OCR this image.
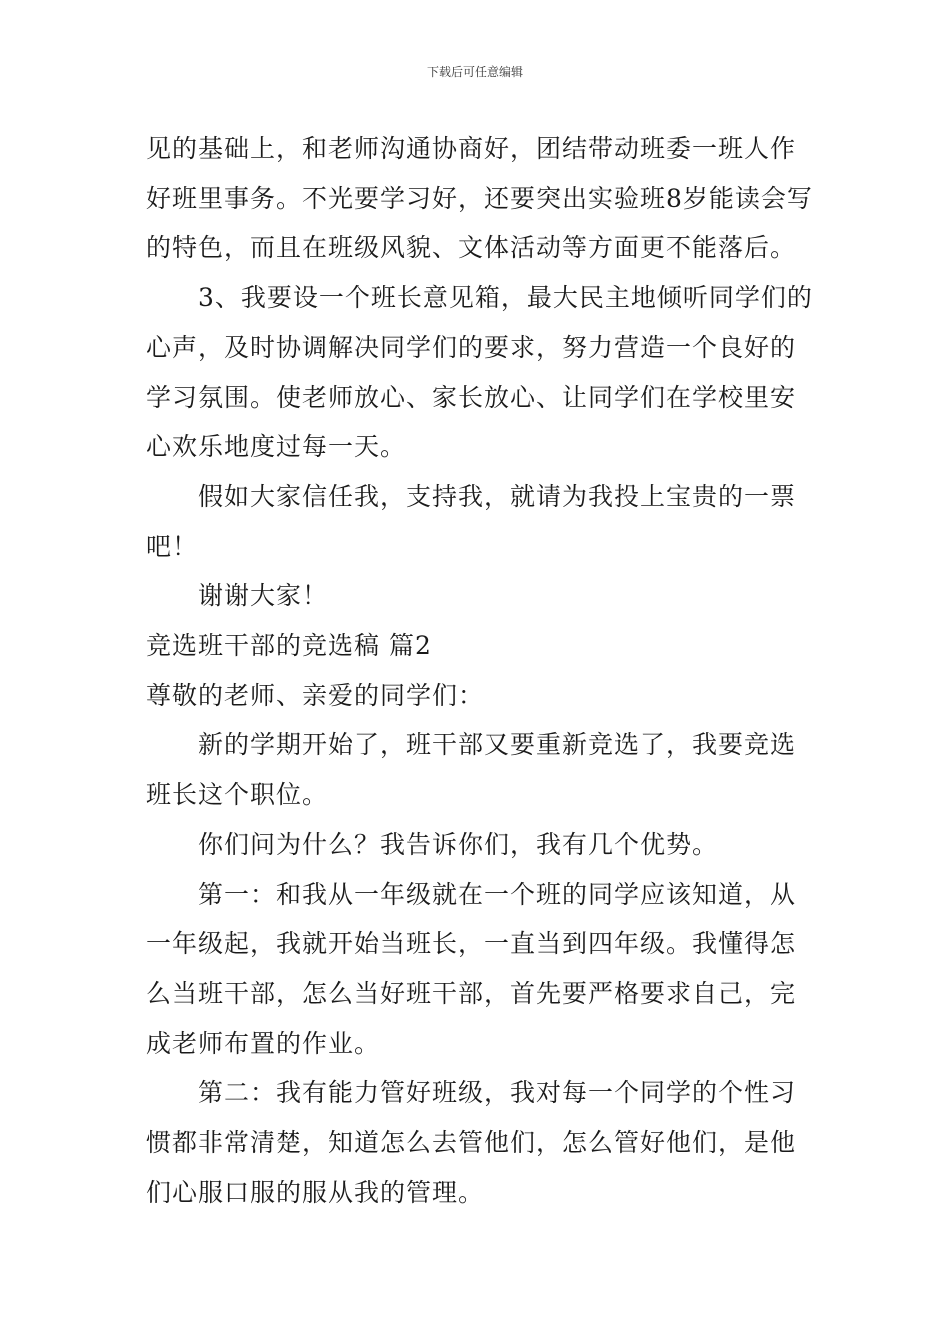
下载后可任意编辑

见的基础上，和老师沟通协商好，团结带动班委一班人作
好班里事务。不光要学习好，还要突出实验班8岁能读会写
的特色，而且在班级风貌、文体活动等方面更不能落后。

3、我要设一个班长意见箱，最大民主地倾听同学们的
心声，及时协调解决同学们的要求，努力营造一个良好的
学习氛围。使老师放心、家长放心、让同学们在学校里安
心欢乐地度过每一天。

假如大家信任我，支持我，就请为我投上宝贵的一票
吧！

谢谢大家！

竞选班干部的竞选稿 篇2

尊敬的老师、亲爱的同学们：

新的学期开始了，班干部又要重新竞选了，我要竞选
班长这个职位。

你们问为什么？我告诉你们，我有几个优势。

第一：和我从一年级就在一个班的同学应该知道，从
一年级起，我就开始当班长，一直当到四年级。我懂得怎
么当班干部，怎么当好班干部，首先要严格要求自己，完
成老师布置的作业。

第二：我有能力管好班级，我对每一个同学的个性习
惯都非常清楚，知道怎么去管他们，怎么管好他们，是他
们心服口服的服从我的管理。
